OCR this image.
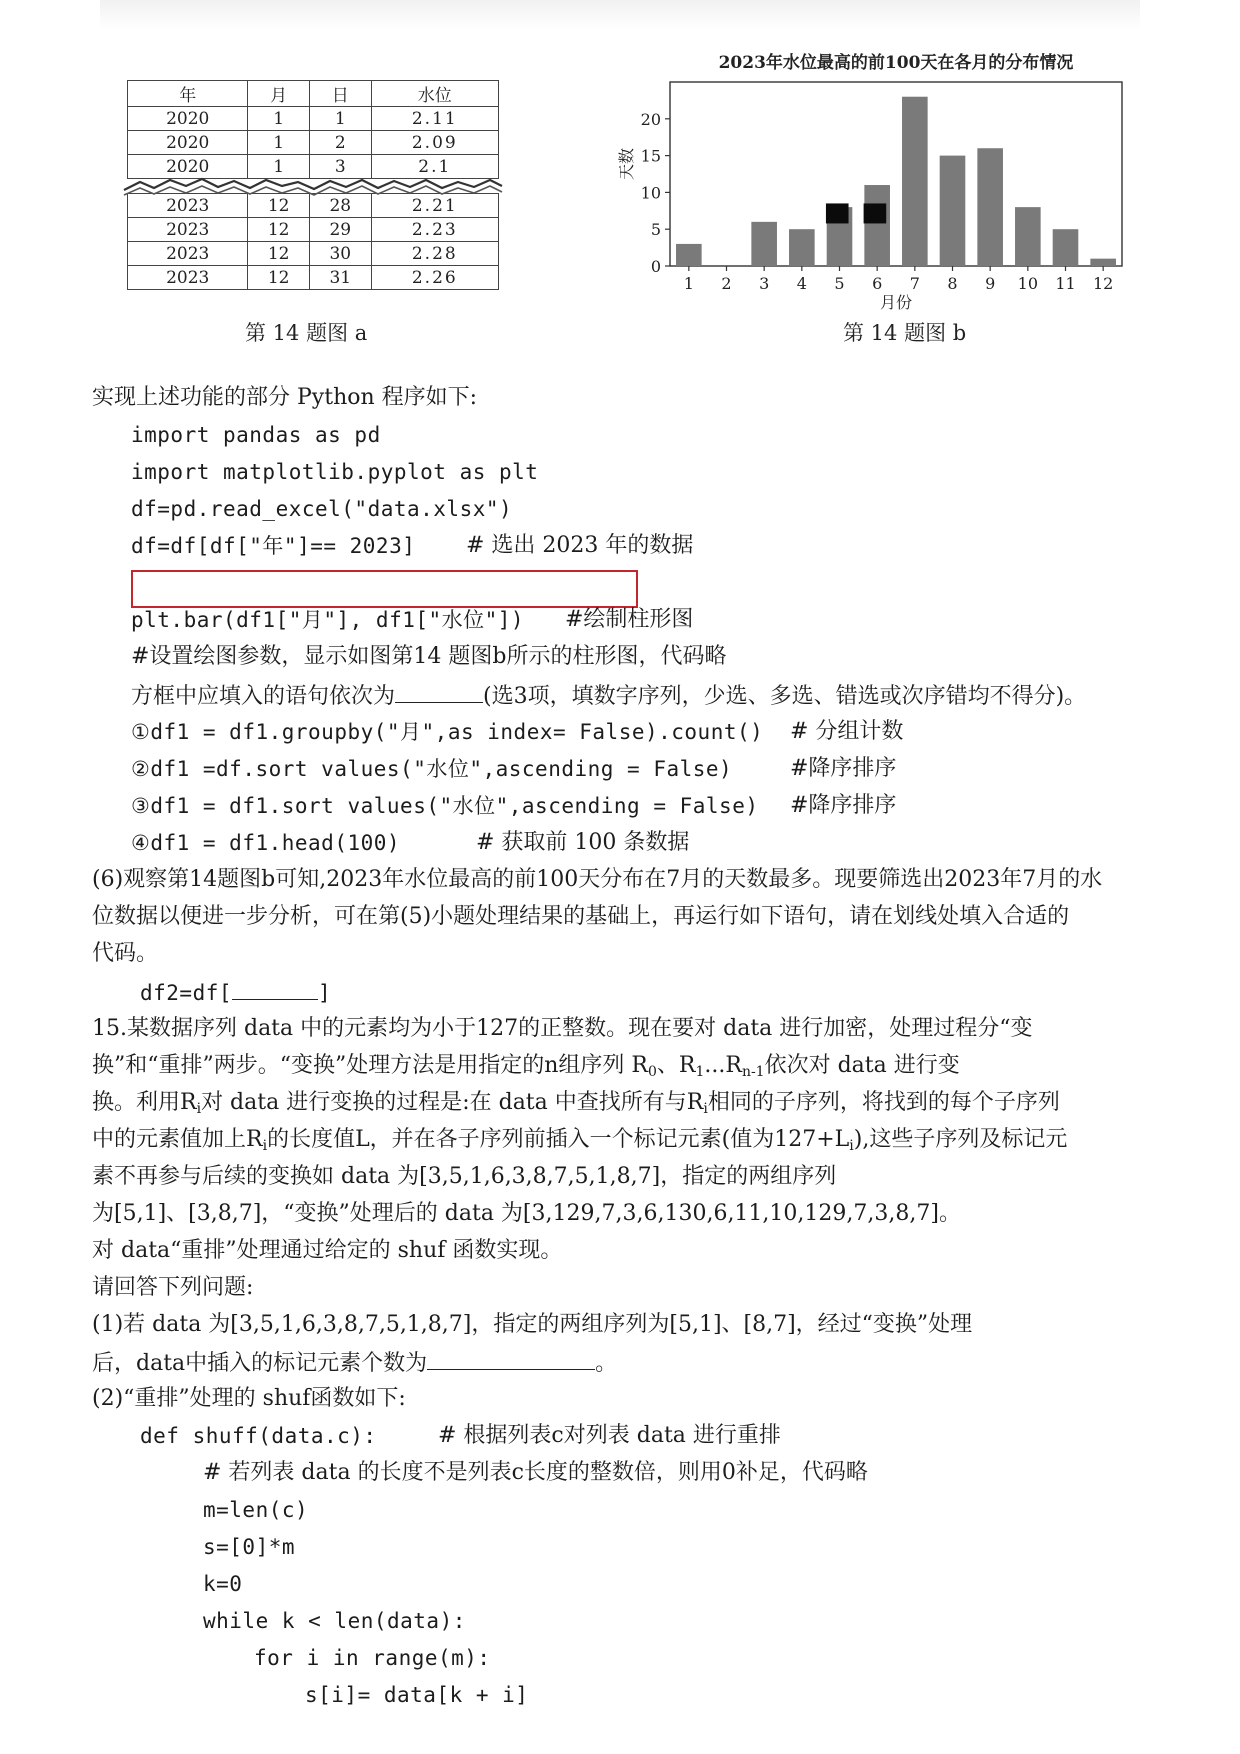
年	月	日	水位
2020	1	1	2.11
2020	1	2	2.09
2020	1	3	2.1

2023	12	28	2.21
2023	12	29	2.23
2023	12	30	2.28
2023	12	31	2.26
第 14 题图 a
2023年水位最高的前100天在各月的分布情况
0
5
10
15
20
天数
1 2 3 4 5 6 7 8 9 10 11 12
月份
第 14 题图 b
实现上述功能的部分 Python 程序如下:
import pandas as pd
import matplotlib.pyplot as plt
df=pd.read_excel("data.xlsx")
df=df[df["年"]== 2023] # 选出 2023 年的数据
plt.bar(df1["月"], df1["水位"]) #绘制柱形图
#设置绘图参数，显示如图第14 题图b所示的柱形图，代码略
方框中应填入的语句依次为	(选3项，填数字序列，少选、多选、错选或次序错均不得分)。
①df1 = df1.groupby("月",as index= False).count() # 分组计数
②df1 =df.sort values("水位",ascending = False)	#降序排序
③df1 = df1.sort values("水位",ascending = False) #降序排序
④df1 = df1.head(100)	# 获取前 100 条数据
(6)观察第14题图b可知,2023年水位最高的前100天分布在7月的天数最多。现要筛选出2023年7月的水
位数据以便进一步分析，可在第(5)小题处理结果的基础上，再运行如下语句，请在划线处填入合适的
代码。
df2=df[	]
15.某数据序列 data 中的元素均为小于127的正整数。现在要对 data 进行加密，处理过程分“变
换”和“重排”两步。“变换”处理方法是用指定的n组序列 $R_0$、$R_1...R_{n-1}$依次对 data 进行变
换。利用$R_i$对 data 进行变换的过程是:在 data 中查找所有与$R_i$相同的子序列，将找到的每个子序列
中的元素值加上$R_i$的长度值L，并在各子序列前插入一个标记元素(值为$127+L_i$),这些子序列及标记元
素不再参与后续的变换如 data 为[3,5,1,6,3,8,7,5,1,8,7]，指定的两组序列
为[5,1]、[3,8,7]，“变换”处理后的 data 为[3,129,7,3,6,130,6,11,10,129,7,3,8,7]。
对 data“重排”处理通过给定的 shuf 函数实现。
请回答下列问题:
(1)若 data 为[3,5,1,6,3,8,7,5,1,8,7]，指定的两组序列为[5,1]、[8,7]，经过“变换”处理
后，data中插入的标记元素个数为	。
(2)“重排”处理的 shuf函数如下:
def shuff(data.c):	# 根据列表c对列表 data 进行重排
# 若列表 data 的长度不是列表c长度的整数倍，则用0补足，代码略
m=len(c)
s=[0]*m
k=0
while k < len(data):
for i in range(m):
s[i]= data[k + i]
